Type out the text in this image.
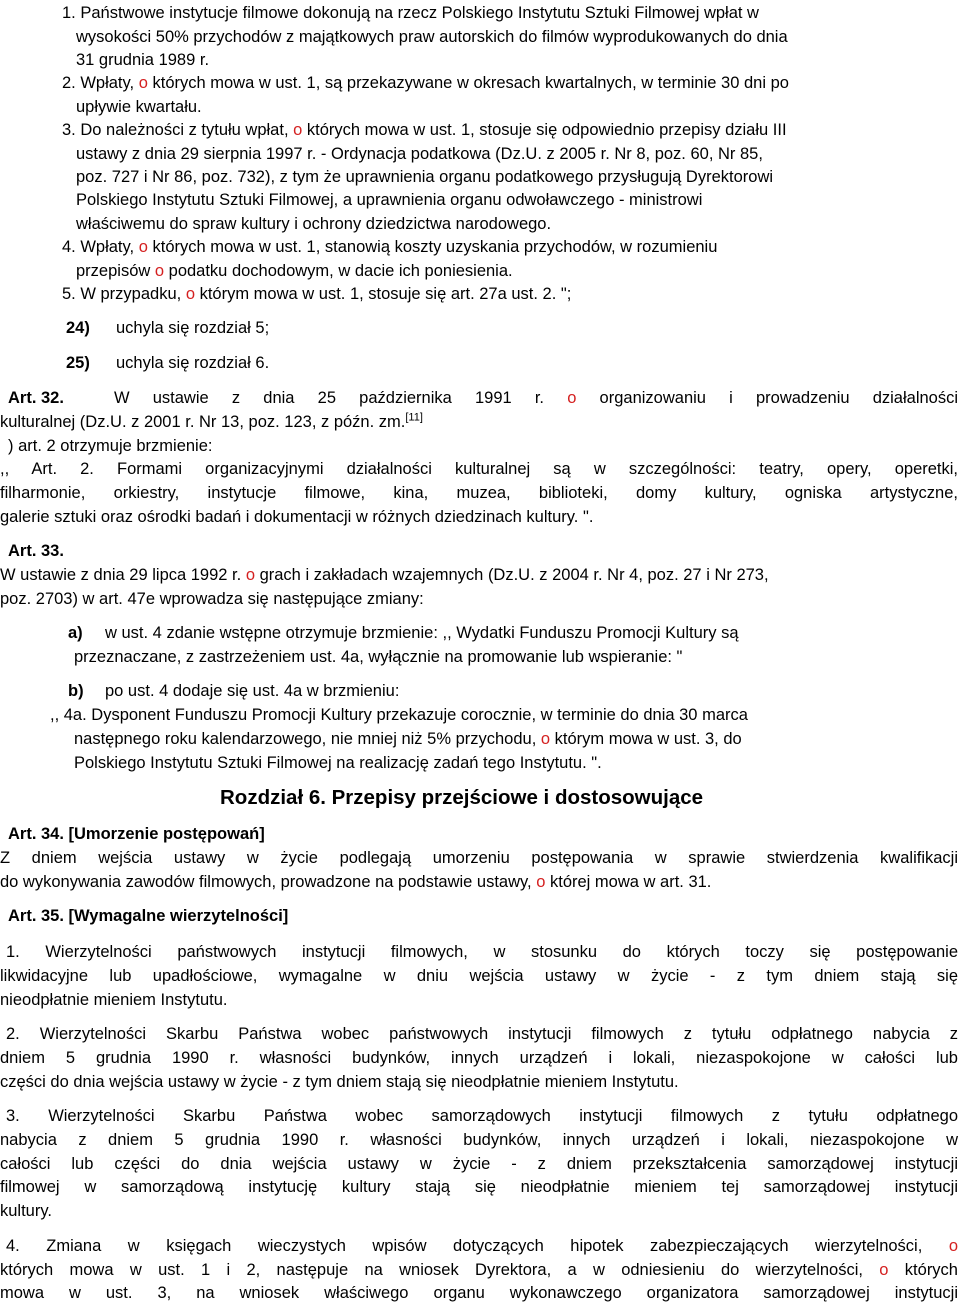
1. Państwowe instytucje filmowe dokonują na rzecz Polskiego Instytutu Sztuki Filmowej wpłat w
wysokości 50% przychodów z majątkowych praw autorskich do filmów wyprodukowanych do dnia
31 grudnia 1989 r.
2. Wpłaty, o których mowa w ust. 1, są przekazywane w okresach kwartalnych, w terminie 30 dni po
upływie kwartału.
3. Do należności z tytułu wpłat, o których mowa w ust. 1, stosuje się odpowiednio przepisy działu III
ustawy z dnia 29 sierpnia 1997 r. - Ordynacja podatkowa (Dz.U. z 2005 r. Nr 8, poz. 60, Nr 85,
poz. 727 i Nr 86, poz. 732), z tym że uprawnienia organu podatkowego przysługują Dyrektorowi
Polskiego Instytutu Sztuki Filmowej, a uprawnienia organu odwoławczego - ministrowi
właściwemu do spraw kultury i ochrony dziedzictwa narodowego.
4. Wpłaty, o których mowa w ust. 1, stanowią koszty uzyskania przychodów, w rozumieniu
przepisów o podatku dochodowym, w dacie ich poniesienia.
5. W przypadku, o którym mowa w ust. 1, stosuje się art. 27a ust. 2. ";
24) uchyla się rozdział 5;
25) uchyla się rozdział 6.
Art. 32.	W ustawie z dnia 25 października 1991 r. o organizowaniu i prowadzeniu działalności
kulturalnej (Dz.U. z 2001 r. Nr 13, poz. 123, z późn. zm.[11]
) art. 2 otrzymuje brzmienie:
,, Art. 2. Formami organizacyjnymi działalności kulturalnej są w szczególności: teatry, opery, operetki,
filharmonie, orkiestry, instytucje filmowe, kina, muzea, biblioteki, domy kultury, ogniska artystyczne,
galerie sztuki oraz ośrodki badań i dokumentacji w różnych dziedzinach kultury. ".
Art. 33.
W ustawie z dnia 29 lipca 1992 r. o grach i zakładach wzajemnych (Dz.U. z 2004 r. Nr 4, poz. 27 i Nr 273,
poz. 2703) w art. 47e wprowadza się następujące zmiany:
a) w ust. 4 zdanie wstępne otrzymuje brzmienie: ,, Wydatki Funduszu Promocji Kultury są
przeznaczane, z zastrzeżeniem ust. 4a, wyłącznie na promowanie lub wspieranie: "
b) po ust. 4 dodaje się ust. 4a w brzmieniu:
,, 4a. Dysponent Funduszu Promocji Kultury przekazuje corocznie, w terminie do dnia 30 marca
następnego roku kalendarzowego, nie mniej niż 5% przychodu, o którym mowa w ust. 3, do
Polskiego Instytutu Sztuki Filmowej na realizację zadań tego Instytutu. ".
Rozdział 6. Przepisy przejściowe i dostosowujące
Art. 34. [Umorzenie postępowań]
Z dniem wejścia ustawy w życie podlegają umorzeniu postępowania w sprawie stwierdzenia kwalifikacji
do wykonywania zawodów filmowych, prowadzone na podstawie ustawy, o której mowa w art. 31.
Art. 35. [Wymagalne wierzytelności]
1. Wierzytelności państwowych instytucji filmowych, w stosunku do których toczy się postępowanie
likwidacyjne lub upadłościowe, wymagalne w dniu wejścia ustawy w życie - z tym dniem stają się
nieodpłatnie mieniem Instytutu.
2. Wierzytelności Skarbu Państwa wobec państwowych instytucji filmowych z tytułu odpłatnego nabycia z
dniem 5 grudnia 1990 r. własności budynków, innych urządzeń i lokali, niezaspokojone w całości lub
części do dnia wejścia ustawy w życie - z tym dniem stają się nieodpłatnie mieniem Instytutu.
3. Wierzytelności Skarbu Państwa wobec samorządowych instytucji filmowych z tytułu odpłatnego
nabycia z dniem 5 grudnia 1990 r. własności budynków, innych urządzeń i lokali, niezaspokojone w
całości lub części do dnia wejścia ustawy w życie - z dniem przekształcenia samorządowej instytucji
filmowej w samorządową instytucję kultury stają się nieodpłatnie mieniem tej samorządowej instytucji
kultury.
4. Zmiana w księgach wieczystych wpisów dotyczących hipotek zabezpieczających wierzytelności, o
których mowa w ust. 1 i 2, następuje na wniosek Dyrektora, a w odniesieniu do wierzytelności, o których
mowa w ust. 3, na wniosek właściwego organu wykonawczego organizatora samorządowej instytucji
